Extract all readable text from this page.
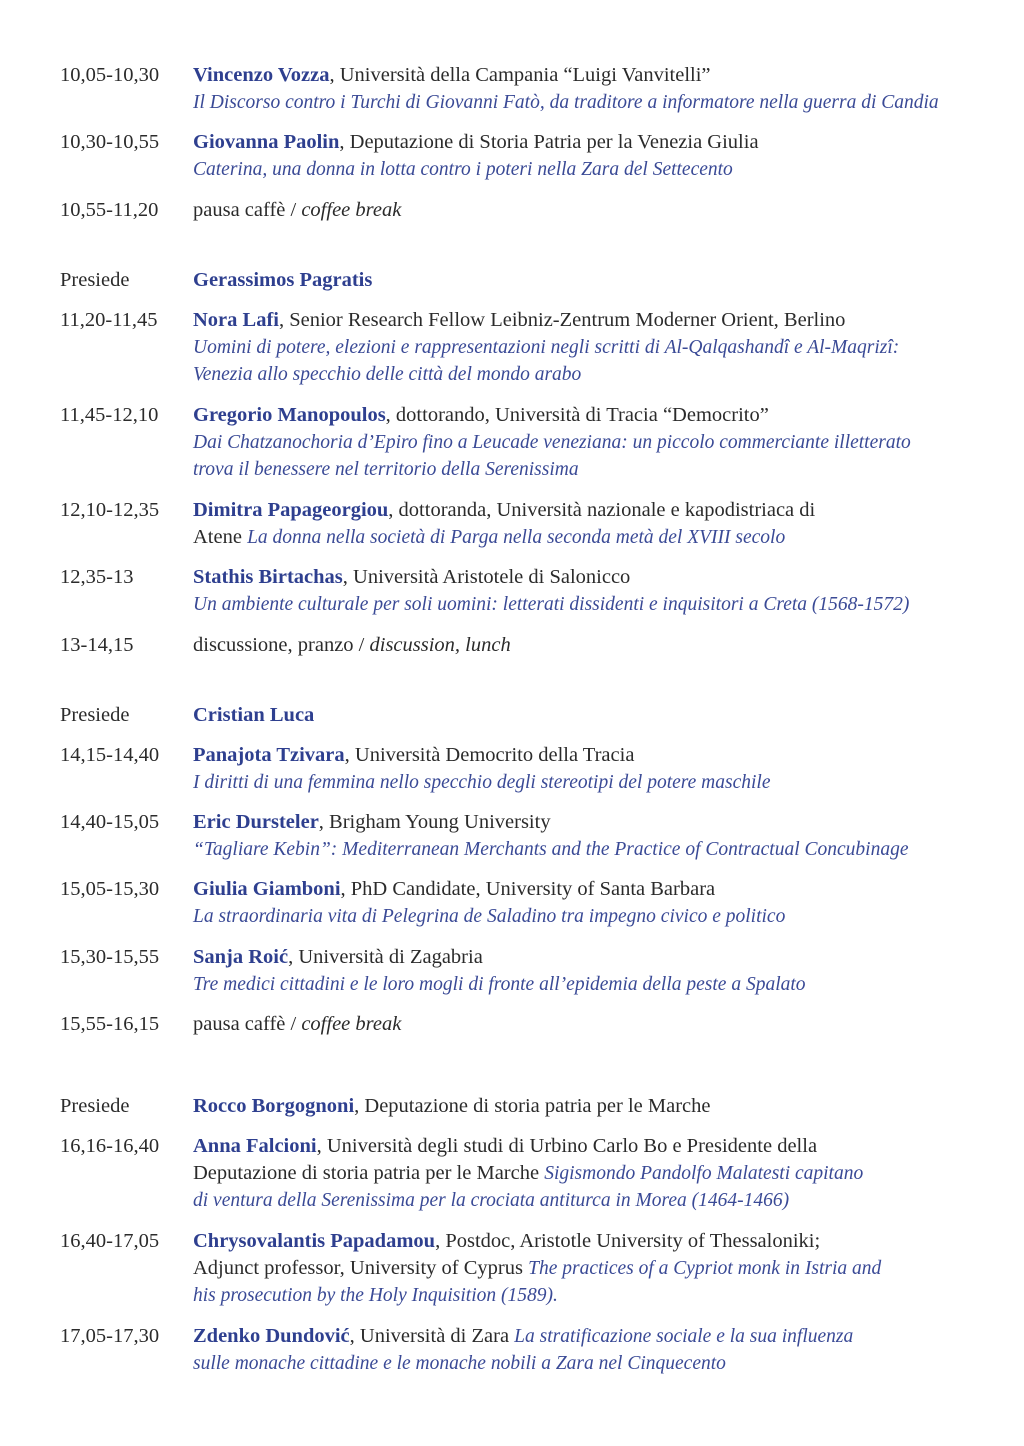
10,05-10,30	Vincenzo Vozza, Università della Campania “Luigi Vanvitelli”
Il Discorso contro i Turchi di Giovanni Fatò, da traditore a informatore nella guerra di Candia
10,30-10,55	Giovanna Paolin, Deputazione di Storia Patria per la Venezia Giulia
Caterina, una donna in lotta contro i poteri nella Zara del Settecento
10,55-11,20	pausa caffè / coffee break
Presiede	Gerassimos Pagratis
11,20-11,45	Nora Lafi, Senior Research Fellow Leibniz-Zentrum Moderner Orient, Berlino
Uomini di potere, elezioni e rappresentazioni negli scritti di Al-Qalqashandî e Al-Maqrizî:
Venezia allo specchio delle città del mondo arabo
11,45-12,10	Gregorio Manopoulos, dottorando, Università di Tracia “Democrito”
Dai Chatzanochoria d’Epiro fino a Leucade veneziana: un piccolo commerciante illetterato
trova il benessere nel territorio della Serenissima
12,10-12,35	Dimitra Papageorgiou, dottoranda, Università nazionale e kapodistriaca di
Atene La donna nella società di Parga nella seconda metà del XVIII secolo
12,35-13	Stathis Birtachas, Università Aristotele di Salonicco
Un ambiente culturale per soli uomini: letterati dissidenti e inquisitori a Creta (1568-1572)
13-14,15	discussione, pranzo / discussion, lunch
Presiede	Cristian Luca
14,15-14,40	Panajota Tzivara, Università Democrito della Tracia
I diritti di una femmina nello specchio degli stereotipi del potere maschile
14,40-15,05	Eric Dursteler, Brigham Young University
“Tagliare Kebin”: Mediterranean Merchants and the Practice of Contractual Concubinage
15,05-15,30	Giulia Giamboni, PhD Candidate, University of Santa Barbara
La straordinaria vita di Pelegrina de Saladino tra impegno civico e politico
15,30-15,55	Sanja Roić, Università di Zagabria
Tre medici cittadini e le loro mogli di fronte all’epidemia della peste a Spalato
15,55-16,15	pausa caffè / coffee break
Presiede	Rocco Borgognoni, Deputazione di storia patria per le Marche
16,16-16,40	Anna Falcioni, Università degli studi di Urbino Carlo Bo e Presidente della
Deputazione di storia patria per le Marche Sigismondo Pandolfo Malatesti capitano
di ventura della Serenissima per la crociata antiturca in Morea (1464-1466)
16,40-17,05	Chrysovalantis Papadamou, Postdoc, Aristotle University of Thessaloniki;
Adjunct professor, University of Cyprus The practices of a Cypriot monk in Istria and
his prosecution by the Holy Inquisition (1589).
17,05-17,30	Zdenko Dundović, Università di Zara La stratificazione sociale e la sua influenza
sulle monache cittadine e le monache nobili a Zara nel Cinquecento
